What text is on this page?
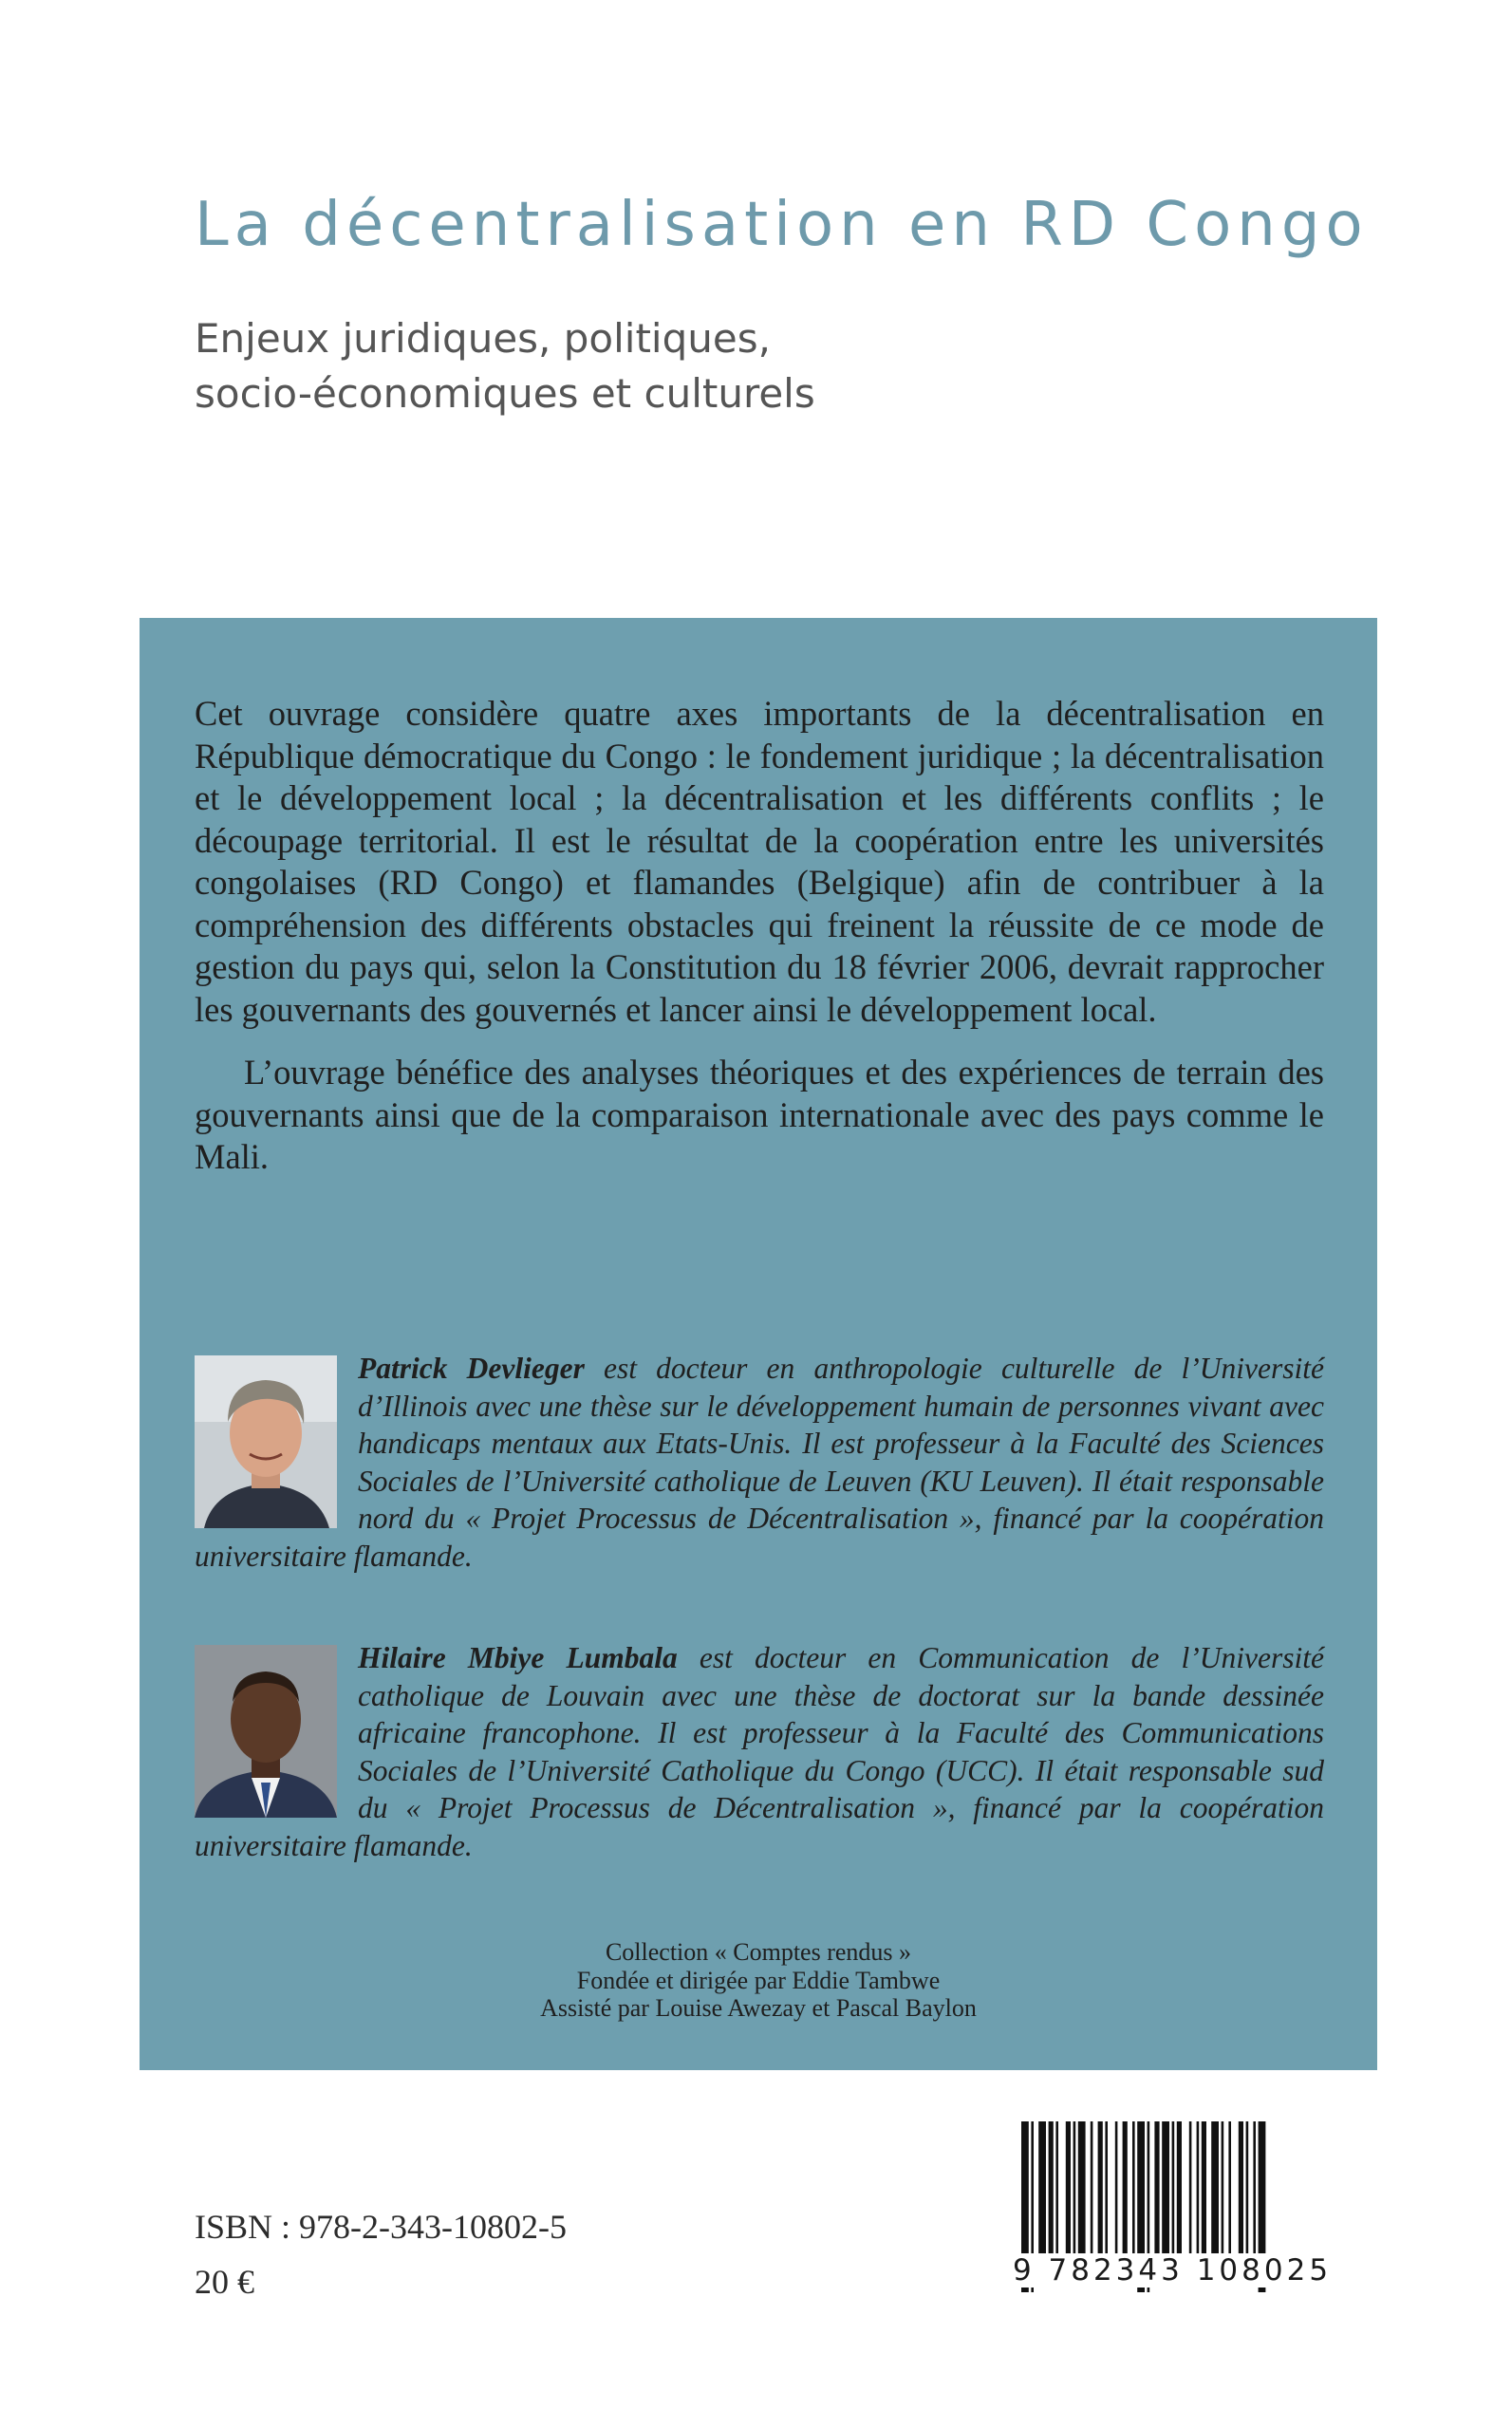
La décentralisation en RD Congo
Enjeux juridiques, politiques,
socio-économiques et culturels

Cet ouvrage considère quatre axes importants de la décentralisation en République démocratique du Congo : le fondement juridique ; la décentralisation et le développement local ; la décentralisation et les différents conflits ; le découpage territorial. Il est le résultat de la coopération entre les universités congolaises (RD Congo) et flamandes (Belgique) afin de contribuer à la compréhension des différents obstacles qui freinent la réussite de ce mode de gestion du pays qui, selon la Constitution du 18 février 2006, devrait rapprocher les gouvernants des gouvernés et lancer ainsi le développement local.

L’ouvrage bénéfice des analyses théoriques et des expériences de terrain des gouvernants ainsi que de la comparaison internationale avec des pays comme le Mali.

Patrick Devlieger est docteur en anthropologie culturelle de l’Université d’Illinois avec une thèse sur le développement humain de personnes vivant avec handicaps mentaux aux Etats-Unis. Il est professeur à la Faculté des Sciences Sociales de l’Université catholique de Leuven (KU Leuven). Il était responsable nord du « Projet Processus de Décentralisation », financé par la coopération universitaire flamande.
Hilaire Mbiye Lumbala est docteur en Communication de l’Université catholique de Louvain avec une thèse de doctorat sur la bande dessinée africaine francophone. Il est professeur à la Faculté des Communications Sociales de l’Université Catholique du Congo (UCC). Il était responsable sud du « Projet Processus de Décentralisation », financé par la coopération universitaire flamande.
Collection « Comptes rendus »
Fondée et dirigée par Eddie Tambwe
Assisté par Louise Awezay et Pascal Baylon
ISBN : 978-2-343-10802-5
20 €	9 782343 108025
